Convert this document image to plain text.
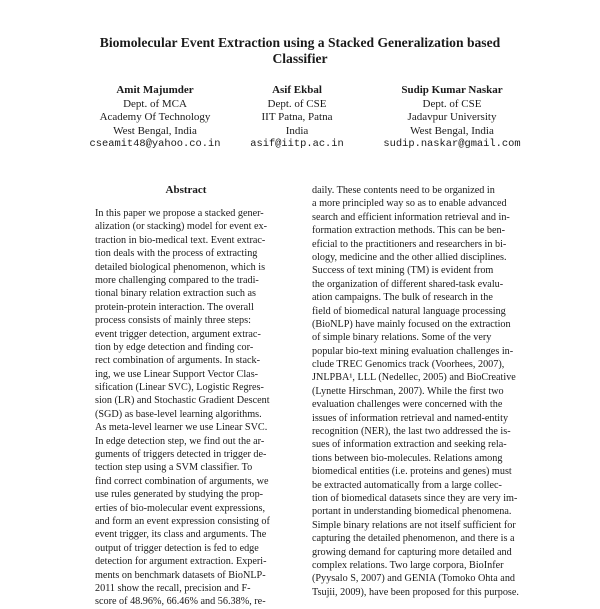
Biomolecular Event Extraction using a Stacked Generalization based
Classifier
Amit Majumder
Dept. of MCA
Academy Of Technology
West Bengal, India
cseamit48@yahoo.co.in
Asif Ekbal
Dept. of CSE
IIT Patna, Patna
India
asif@iitp.ac.in
Sudip Kumar Naskar
Dept. of CSE
Jadavpur University
West Bengal, India
sudip.naskar@gmail.com
Abstract
In this paper we propose a stacked gener-
alization (or stacking) model for event ex-
traction in bio-medical text. Event extrac-
tion deals with the process of extracting
detailed biological phenomenon, which is
more challenging compared to the tradi-
tional binary relation extraction such as
protein-protein interaction. The overall
process consists of mainly three steps:
event trigger detection, argument extrac-
tion by edge detection and finding cor-
rect combination of arguments. In stack-
ing, we use Linear Support Vector Clas-
sification (Linear SVC), Logistic Regres-
sion (LR) and Stochastic Gradient Descent
(SGD) as base-level learning algorithms.
As meta-level learner we use Linear SVC.
In edge detection step, we find out the ar-
guments of triggers detected in trigger de-
tection step using a SVM classifier. To
find correct combination of arguments, we
use rules generated by studying the prop-
erties of bio-molecular event expressions,
and form an event expression consisting of
event trigger, its class and arguments. The
output of trigger detection is fed to edge
detection for argument extraction. Experi-
ments on benchmark datasets of BioNLP-
2011 show the recall, precision and F-
score of 48.96%, 66.46% and 56.38%, re-
daily. These contents need to be organized in
a more principled way so as to enable advanced
search and efficient information retrieval and in-
formation extraction methods. This can be ben-
eficial to the practitioners and researchers in bi-
ology, medicine and the other allied disciplines.
Success of text mining (TM) is evident from
the organization of different shared-task evalu-
ation campaigns. The bulk of research in the
field of biomedical natural language processing
(BioNLP) have mainly focused on the extraction
of simple binary relations. Some of the very
popular bio-text mining evaluation challenges in-
clude TREC Genomics track (Voorhees, 2007),
JNLPBA¹, LLL (Nedellec, 2005) and BioCreative
(Lynette Hirschman, 2007). While the first two
evaluation challenges were concerned with the
issues of information retrieval and named-entity
recognition (NER), the last two addressed the is-
sues of information extraction and seeking rela-
tions between bio-molecules. Relations among
biomedical entities (i.e. proteins and genes) must
be extracted automatically from a large collec-
tion of biomedical datasets since they are very im-
portant in understanding biomedical phenomena.
Simple binary relations are not itself sufficient for
capturing the detailed phenomenon, and there is a
growing demand for capturing more detailed and
complex relations. Two large corpora, BioInfer
(Pyysalo S, 2007) and GENIA (Tomoko Ohta and
Tsujii, 2009), have been proposed for this purpose.
